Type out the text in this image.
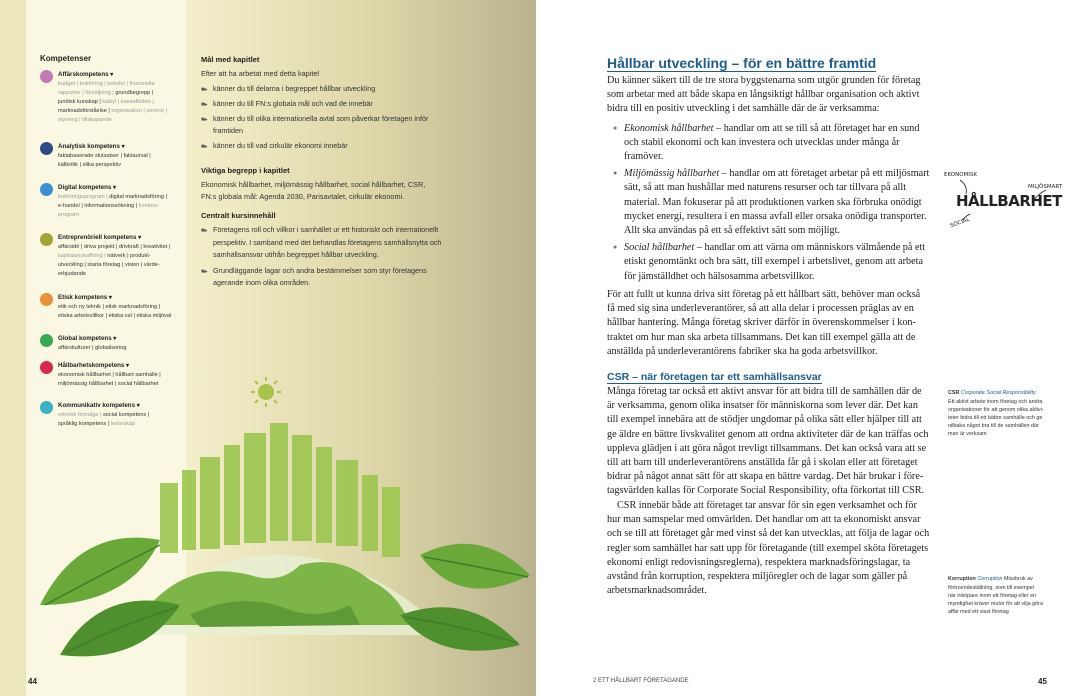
Kompetenser
Affärskompetens ▾
budget | bokföring | bokslut | finansiella
rapporter | försäljning | grundbegrepp |
juridisk kunskap | kalkyl | kassaflöden |
marknadsförståelse | organisation | service |
styrning | tillskapande
Analytisk kompetens ▾
faktabaserade slutsatser | faktaurval |
källkritik | olika perspektiv
Digital kompetens ▾
bokföringsprogram | digital marknadsföring |
e-handel | informationssökning | kontors-
program
Entreprenöriell kompetens ▾
affärsidé | driva projekt | drivkraft | kreativitet |
kapitalanskaffning | nätverk | produkt-
utveckling | starta företag | vision | värde-
erbjudande
Etisk kompetens ▾
etik och ny teknik | etisk marknadsföring |
etiska arbetsvillkor | etiska val | etiska miljöval
Global kompetens ▾
affärskulturer | globalisering
Hållbarhetskompetens ▾
ekonomisk hållbarhet | hållbart samhälle |
miljömässig hållbarhet | social hållbarhet
Kommunikativ kompetens ▾
retorisk förmåga | social kompetens |
språklig kompetens | ledarskap
Mål med kapitlet
Efter att ha arbetat med detta kapitel
■▸ känner du till delarna i begreppet hållbar utveckling
■▸ känner du till FN:s globala mål och vad de innebär
■▸ känner du till olika internationella avtal som påverkar företagen inför
framtiden
■▸ känner du till vad cirkulär ekonomi innebär
Viktiga begrepp i kapitlet
Ekonomisk hållbarhet, miljömässig hållbarhet, social hållbarhet, CSR,
FN:s globala mål: Agenda 2030, Parisavtalet, cirkulär ekonomi.
Centralt kursinnehåll
■▸ Företagens roll och villkor i samhället ur ett historiskt och internationellt
perspektiv. I samband med det behandlas företagens samhällsnytta och
samhällsansvar utifrån begreppet hållbar utveckling.
■▸ Grundläggande lagar och andra bestämmelser som styr företagens
agerande inom olika områden.
44
Hållbar utveckling – för en bättre framtid
Du känner säkert till de tre stora byggstenarna som utgör grunden för företag
som arbetar med att både skapa en långsiktigt hållbar organisation och aktivt
bidra till en positiv utveckling i det samhälle där de är verksamma:
● Ekonomisk hållbarhet – handlar om att se till så att företaget har en sund
och stabil ekonomi och kan investera och utvecklas under många år
framöver.
● Miljömässig hållbarhet – handlar om att företaget arbetar på ett miljösmart
sätt, så att man hushållar med naturens resurser och tar tillvara på allt
material. Man fokuserar på att produktionen varken ska förbruka onödigt
mycket energi, resultera i en massa avfall eller orsaka onödiga transporter.
Allt ska användas på ett så effektivt sätt som möjligt.
● Social hållbarhet – handlar om att värna om människors välmående på ett
etiskt genomtänkt och bra sätt, till exempel i arbetslivet, genom att arbeta
för jämställdhet och hälsosamma arbetsvillkor.
För att fullt ut kunna driva sitt företag på ett hållbart sätt, behöver man också
få med sig sina underleverantörer, så att alla delar i processen präglas av en
hållbar hantering. Många företag skriver därför in överenskommelser i kon-
traktet om hur man ska arbeta tillsammans. Det kan till exempel gälla att de
anställda på underleverantörens fabriker ska ha goda arbetsvillkor.
Många företag tar också ett aktivt ansvar för att bidra till de samhällen där de
är verksamma, genom olika insatser för människorna som lever där. Det kan
till exempel innebära att de stödjer ungdomar på olika sätt eller hjälper till att
ge äldre en bättre livskvalitet genom att ordna aktiviteter där de kan träffas och
uppleva glädjen i att göra något trevligt tillsammans. Det kan också vara att se
till att barn till underleverantörens anställda får gå i skolan eller att företaget
bidrar på något annat sätt för att skapa en bättre vardag. Det här brukar i före-
tagsvärlden kallas för Corporate Social Responsibility, ofta förkortat till CSR.
CSR innebär både att företaget tar ansvar för sin egen verksamhet och för
hur man samspelar med omvärlden. Det handlar om att ta ekonomiskt ansvar
och se till att företaget går med vinst så det kan utvecklas, att följa de lagar och
regler som samhället har satt upp för företagande (till exempel sköta företagets
ekonomi enligt redovisningsreglerna), respektera marknadsföringslagar, ta
avstånd från korruption, respektera miljöregler och de lagar som gäller på
arbetsmarknadsområdet.
CSR – när företagen tar ett samhällsansvar
EKONOMISK
MILJÖSMART
HÅLLBARHET
SOCIAL
CSR Corporate Social Responsibility
Ett aktivt arbete inom företag och andra
organisationer för att genom olika aktivi-
teter bidra till ett bättre samhälle och ge
nilbaka något bra till de samhällen där
man är verksam
Korruption Corruption Missbruk av
förtroendeställning, som till exempel
när inköpare inom ett företag eller en
myndighet kräver mutor för att vilja göra
affär med ett visst företag
2 ETT HÅLLBART FÖRETAGANDE	45
